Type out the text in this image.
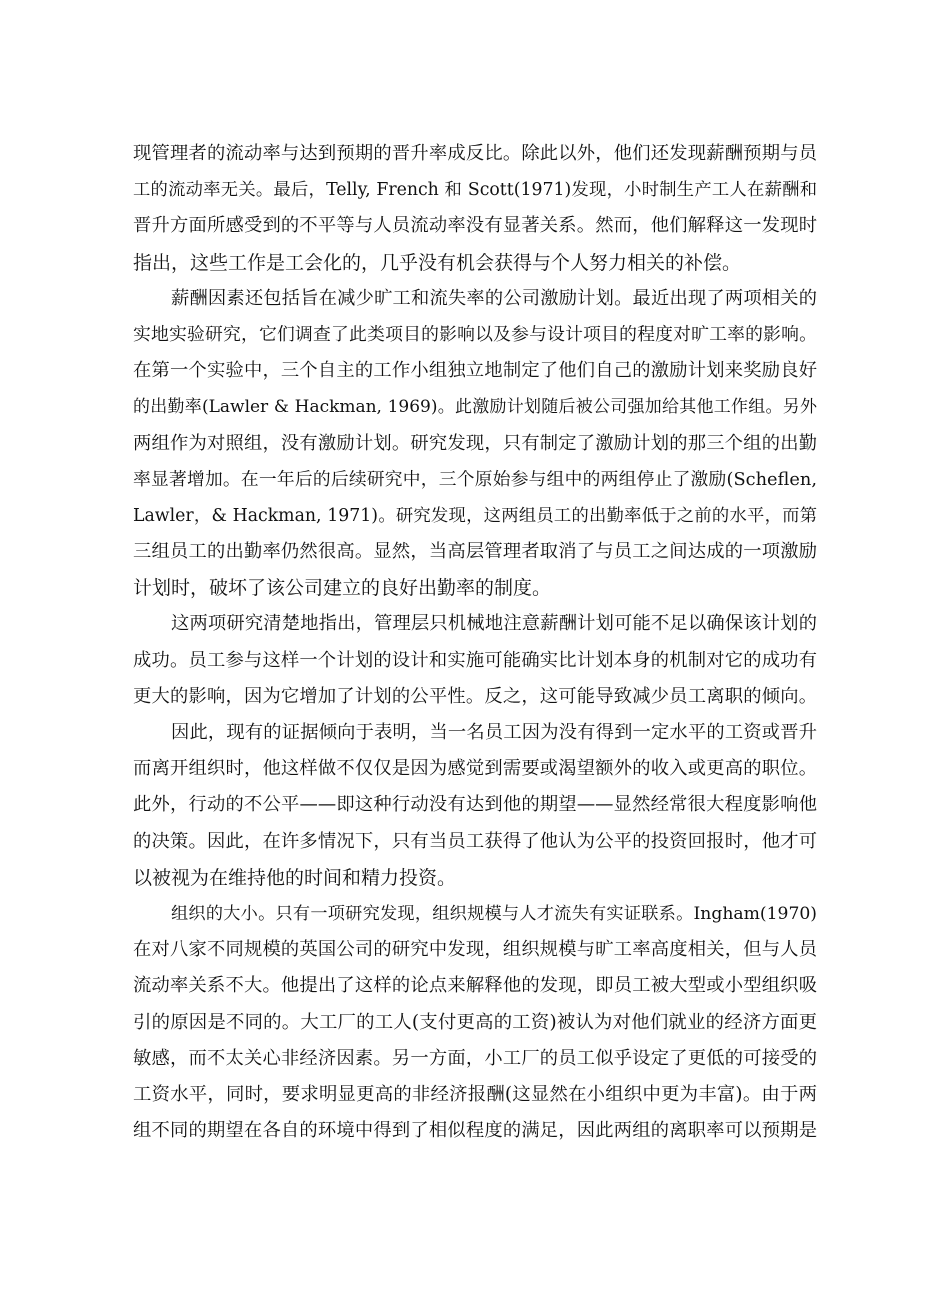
现管理者的流动率与达到预期的晋升率成反比。除此以外，他们还发现薪酬预期与员
工的流动率无关。最后，Telly, French 和 Scott(1971)发现，小时制生产工人在薪酬和
晋升方面所感受到的不平等与人员流动率没有显著关系。然而，他们解释这一发现时
指出，这些工作是工会化的，几乎没有机会获得与个人努力相关的补偿。
薪酬因素还包括旨在减少旷工和流失率的公司激励计划。最近出现了两项相关的
实地实验研究，它们调查了此类项目的影响以及参与设计项目的程度对旷工率的影响。
在第一个实验中，三个自主的工作小组独立地制定了他们自己的激励计划来奖励良好
的出勤率(Lawler & Hackman, 1969)。此激励计划随后被公司强加给其他工作组。另外
两组作为对照组，没有激励计划。研究发现，只有制定了激励计划的那三个组的出勤
率显著增加。在一年后的后续研究中，三个原始参与组中的两组停止了激励(Scheflen,
Lawler，& Hackman, 1971)。研究发现，这两组员工的出勤率低于之前的水平，而第
三组员工的出勤率仍然很高。显然，当高层管理者取消了与员工之间达成的一项激励
计划时，破坏了该公司建立的良好出勤率的制度。
这两项研究清楚地指出，管理层只机械地注意薪酬计划可能不足以确保该计划的
成功。员工参与这样一个计划的设计和实施可能确实比计划本身的机制对它的成功有
更大的影响，因为它增加了计划的公平性。反之，这可能导致减少员工离职的倾向。
因此，现有的证据倾向于表明，当一名员工因为没有得到一定水平的工资或晋升
而离开组织时，他这样做不仅仅是因为感觉到需要或渴望额外的收入或更高的职位。
此外，行动的不公平——即这种行动没有达到他的期望——显然经常很大程度影响他
的决策。因此，在许多情况下，只有当员工获得了他认为公平的投资回报时，他才可
以被视为在维持他的时间和精力投资。
组织的大小。只有一项研究发现，组织规模与人才流失有实证联系。Ingham(1970)
在对八家不同规模的英国公司的研究中发现，组织规模与旷工率高度相关，但与人员
流动率关系不大。他提出了这样的论点来解释他的发现，即员工被大型或小型组织吸
引的原因是不同的。大工厂的工人(支付更高的工资)被认为对他们就业的经济方面更
敏感，而不太关心非经济因素。另一方面，小工厂的员工似乎设定了更低的可接受的
工资水平，同时，要求明显更高的非经济报酬(这显然在小组织中更为丰富)。由于两
组不同的期望在各自的环境中得到了相似程度的满足，因此两组的离职率可以预期是
